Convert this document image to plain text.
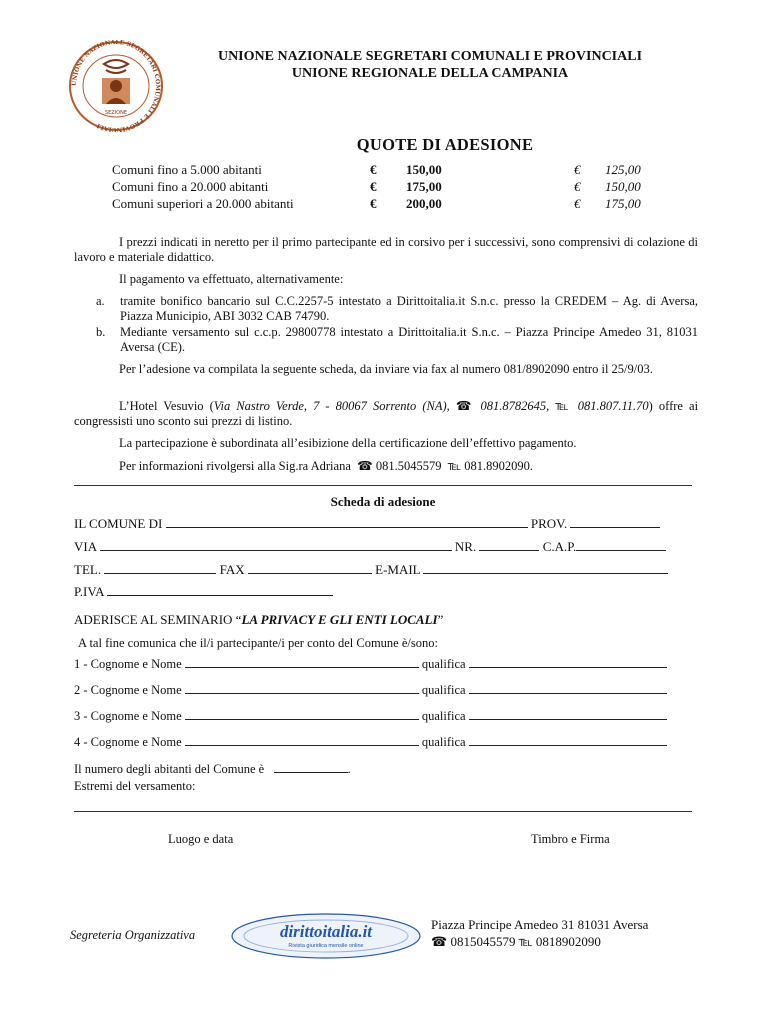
UNIONE NAZIONALE SEGRETARI COMUNALI E PROVINCIALI
SEZIONE
UNIONE NAZIONALE SEGRETARI COMUNALI E PROVINCIALI
UNIONE REGIONALE DELLA CAMPANIA
QUOTE DI ADESIONE
Comuni fino a 5.000 abitanti	€ 150,00	€ 125,00
Comuni fino a 20.000 abitanti	€ 175,00	€ 150,00
Comuni superiori a 20.000 abitanti	€ 200,00	€ 175,00
I prezzi indicati in neretto per il primo partecipante ed in corsivo per i successivi, sono comprensivi di colazione di lavoro e materiale didattico.
Il pagamento va effettuato, alternativamente:
a.	tramite bonifico bancario sul C.C.2257-5 intestato a Dirittoitalia.it S.n.c. presso la CREDEM – Ag. di Aversa, Piazza Municipio, ABI 3032 CAB 74790.
b.	Mediante versamento sul c.c.p. 29800778 intestato a Dirittoitalia.it S.n.c. – Piazza Principe Amedeo 31, 81031 Aversa (CE).
Per l’adesione va compilata la seguente scheda, da inviare via fax al numero 081/8902090 entro il 25/9/03.
L’Hotel Vesuvio (Via Nastro Verde, 7 - 80067 Sorrento (NA), ☎ 081.8782645, ℡ 081.807.11.70) offre ai congressisti uno sconto sui prezzi di listino.
La partecipazione è subordinata all’esibizione della certificazione dell’effettivo pagamento.
Per informazioni rivolgersi alla Sig.ra Adriana ☎ 081.5045579 ℡ 081.8902090.
Scheda di adesione
IL COMUNE DI	PROV.
VIA	NR.	C.A.P.
TEL.	FAX	E-MAIL
P.IVA
ADERISCE AL SEMINARIO “LA PRIVACY E GLI ENTI LOCALI”
A tal fine comunica che il/i partecipante/i per conto del Comune è/sono:
1 - Cognome e Nome	qualifica
2 - Cognome e Nome	qualifica
3 - Cognome e Nome	qualifica
4 - Cognome e Nome	qualifica
Il numero degli abitanti del Comune è	.
Estremi del versamento:
Luogo e data	Timbro e Firma
Segreteria Organizzativa	dirittoitalia.it
Rivista giuridica mensile online
Piazza Principe Amedeo 31 81031 Aversa
☎ 0815045579 ℡ 0818902090
